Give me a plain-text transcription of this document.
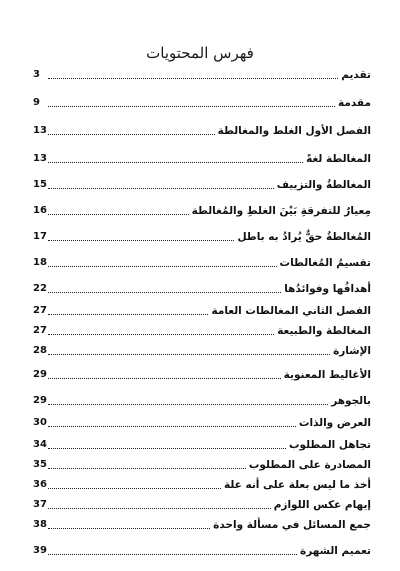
فهرس المحتويات
تقديم
3
مقدمة
9
الفصل الأول الغلط والمغالطة
13
المغالطة لغةً
13
المغالطةُ والتزييف
15
مِعيارٌ للتفرقةِ بَيْنَ الغلطِ والمُغالطة
16
المُغالطةُ حقٌّ يُرادُ به باطل
17
تقسيمُ المُغالطات
18
أهدافُها وفوائدُها
22
الفصل الثاني المغالطات العامة
27
المغالطة والطبيعة
27
الإشارة
28
الأغاليط المعنوية
29
بالجوهر
29
العرض والذات
30
تجاهل المطلوب
34
المصادرة على المطلوب
35
أخذ ما ليس بعلة على أنه علة
36
إيهام عكس اللوازم
37
جمع المسائل في مسألة واحدة
38
تعميم الشهرة
39
